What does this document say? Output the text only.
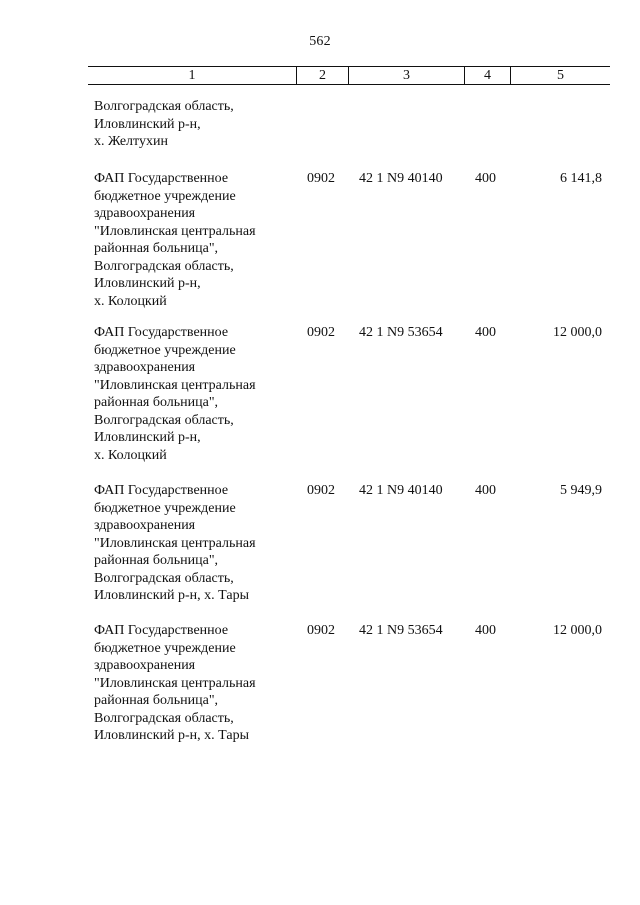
562
1	2	3	4	5
Волгоградская область,
Иловлинский р-н,
х. Желтухин
ФАП Государственное
бюджетное учреждение
здравоохранения
"Иловлинская центральная
районная больница",
Волгоградская область,
Иловлинский р-н,
х. Колоцкий
0902	42 1 N9 40140	400	6 141,8
ФАП Государственное
бюджетное учреждение
здравоохранения
"Иловлинская центральная
районная больница",
Волгоградская область,
Иловлинский р-н,
х. Колоцкий
0902	42 1 N9 53654	400	12 000,0
ФАП Государственное
бюджетное учреждение
здравоохранения
"Иловлинская центральная
районная больница",
Волгоградская область,
Иловлинский р-н, х. Тары
0902	42 1 N9 40140	400	5 949,9
ФАП Государственное
бюджетное учреждение
здравоохранения
"Иловлинская центральная
районная больница",
Волгоградская область,
Иловлинский р-н, х. Тары
0902	42 1 N9 53654	400	12 000,0
